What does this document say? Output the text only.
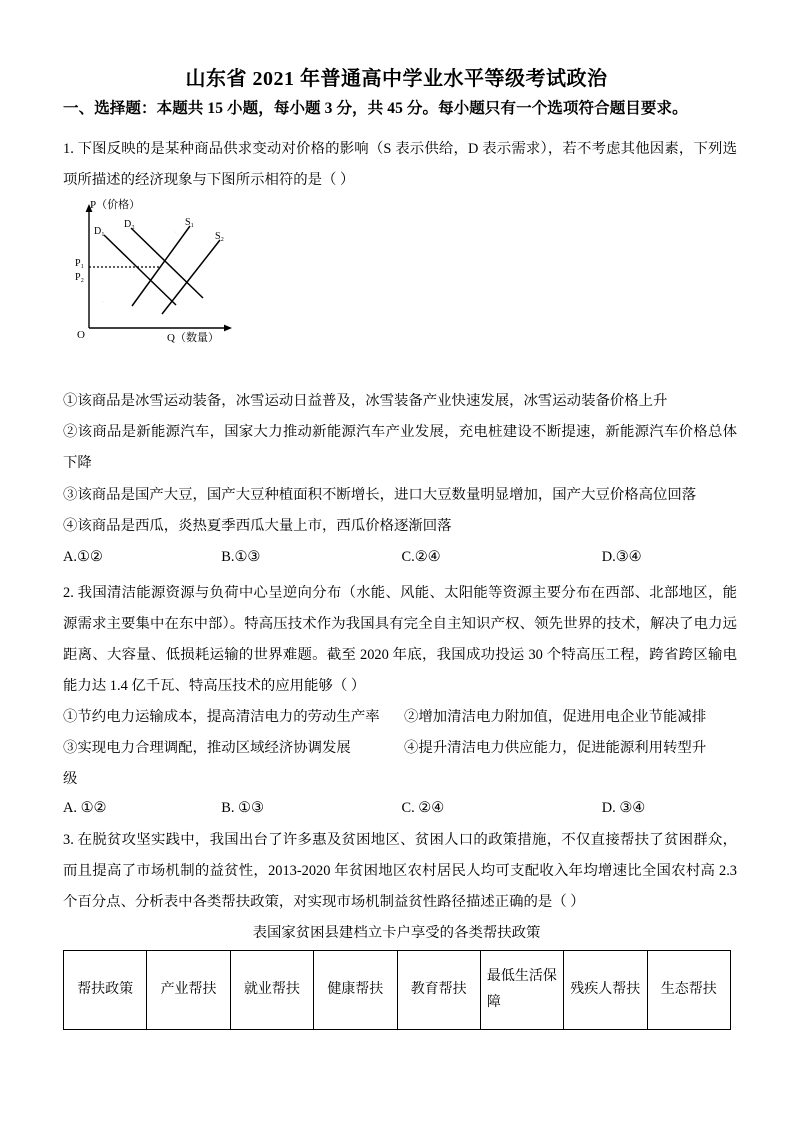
山东省 2021 年普通高中学业水平等级考试政治
一、选择题：本题共 15 小题，每小题 3 分，共 45 分。每小题只有一个选项符合题目要求。
1. 下图反映的是某种商品供求变动对价格的影响（S 表示供给，D 表示需求），若不考虑其他因素，下列选项所描述的经济现象与下图所示相符的是（ ）
P（价格）
Q（数量）
P₁
P₂
O
D₁
D₂	S₁
S₂
①该商品是冰雪运动装备，冰雪运动日益普及，冰雪装备产业快速发展，冰雪运动装备价格上升
②该商品是新能源汽车，国家大力推动新能源汽车产业发展，充电桩建设不断提速，新能源汽车价格总体下降
③该商品是国产大豆，国产大豆种植面积不断增长，进口大豆数量明显增加，国产大豆价格高位回落
④该商品是西瓜，炎热夏季西瓜大量上市，西瓜价格逐渐回落
A.①②	B.①③	C.②④	D.③④
2. 我国清洁能源资源与负荷中心呈逆向分布（水能、风能、太阳能等资源主要分布在西部、北部地区，能源需求主要集中在东中部）。特高压技术作为我国具有完全自主知识产权、领先世界的技术，解决了电力远距离、大容量、低损耗运输的世界难题。截至 2020 年底，我国成功投运 30 个特高压工程，跨省跨区输电能力达 1.4 亿千瓦、特高压技术的应用能够（ ）
①节约电力运输成本，提高清洁电力的劳动生产率	②增加清洁电力附加值，促进用电企业节能减排
③实现电力合理调配，推动区域经济协调发展	④提升清洁电力供应能力，促进能源利用转型升
级
A. ①②	B. ①③	C. ②④	D. ③④
3. 在脱贫攻坚实践中，我国出台了许多惠及贫困地区、贫困人口的政策措施，不仅直接帮扶了贫困群众，而且提高了市场机制的益贫性，2013-2020 年贫困地区农村居民人均可支配收入年均增速比全国农村高 2.3 个百分点、分析表中各类帮扶政策，对实现市场机制益贫性路径描述正确的是（ ）
表国家贫困县建档立卡户享受的各类帮扶政策
帮扶政策	产业帮扶	就业帮扶	健康帮扶	教育帮扶	最低生活保障	残疾人帮扶	生态帮扶
